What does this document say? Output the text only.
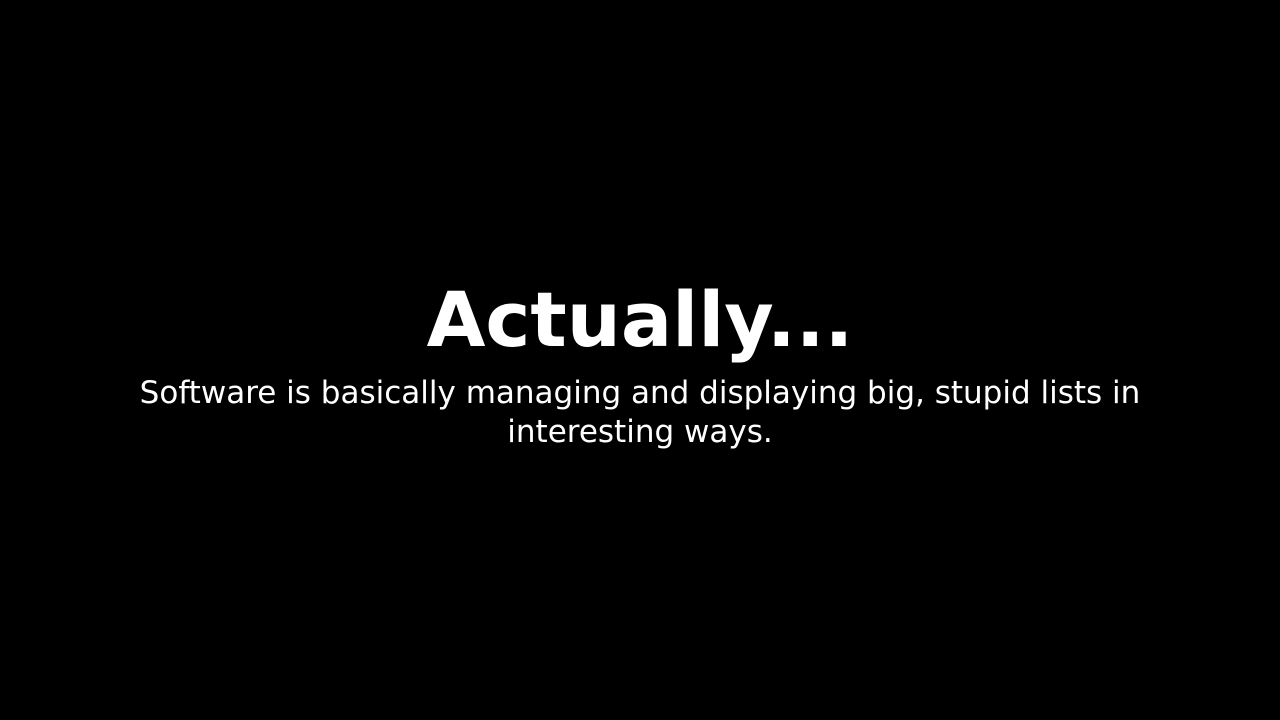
Actually...

Software is basically managing and displaying big, stupid lists in interesting ways.
